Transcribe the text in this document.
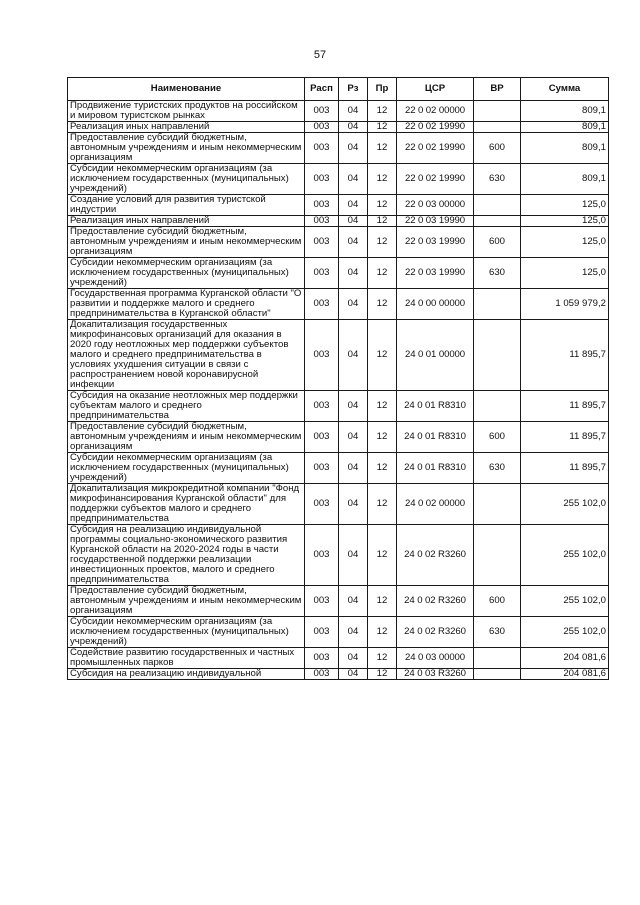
57
Наименование	Расп	Рз	Пр	ЦСР	ВР	Сумма
Продвижение туристских продуктов на российском и мировом туристском рынках	003	04	12	22 0 02 00000		809,1
Реализация иных направлений	003	04	12	22 0 02 19990		809,1
Предоставление субсидий бюджетным, автономным учреждениям и иным некоммерческим организациям	003	04	12	22 0 02 19990	600	809,1
Субсидии некоммерческим организациям (за исключением государственных (муниципальных) учреждений)	003	04	12	22 0 02 19990	630	809,1
Создание условий для развития туристской индустрии	003	04	12	22 0 03 00000		125,0
Реализация иных направлений	003	04	12	22 0 03 19990		125,0
Предоставление субсидий бюджетным, автономным учреждениям и иным некоммерческим организациям	003	04	12	22 0 03 19990	600	125,0
Субсидии некоммерческим организациям (за исключением государственных (муниципальных) учреждений)	003	04	12	22 0 03 19990	630	125,0
Государственная программа Курганской области "О развитии и поддержке малого и среднего предпринимательства в Курганской области"	003	04	12	24 0 00 00000		1 059 979,2
Докапитализация государственных микрофинансовых организаций для оказания в 2020 году неотложных мер поддержки субъектов малого и среднего предпринимательства в условиях ухудшения ситуации в связи с распространением новой коронавирусной инфекции	003	04	12	24 0 01 00000		11 895,7
Субсидия на оказание неотложных мер поддержки субъектам малого и среднего предпринимательства	003	04	12	24 0 01 R8310		11 895,7
Предоставление субсидий бюджетным, автономным учреждениям и иным некоммерческим организациям	003	04	12	24 0 01 R8310	600	11 895,7
Субсидии некоммерческим организациям (за исключением государственных (муниципальных) учреждений)	003	04	12	24 0 01 R8310	630	11 895,7
Докапитализация микрокредитной компании "Фонд микрофинансирования Курганской области" для поддержки субъектов малого и среднего предпринимательства	003	04	12	24 0 02 00000		255 102,0
Субсидия на реализацию индивидуальной программы социально-экономического развития Курганской области на 2020-2024 годы в части государственной поддержки реализации инвестиционных проектов, малого и среднего предпринимательства	003	04	12	24 0 02 R3260		255 102,0
Предоставление субсидий бюджетным, автономным учреждениям и иным некоммерческим организациям	003	04	12	24 0 02 R3260	600	255 102,0
Субсидии некоммерческим организациям (за исключением государственных (муниципальных) учреждений)	003	04	12	24 0 02 R3260	630	255 102,0
Содействие развитию государственных и частных промышленных парков	003	04	12	24 0 03 00000		204 081,6
Субсидия на реализацию индивидуальной	003	04	12	24 0 03 R3260		204 081,6
